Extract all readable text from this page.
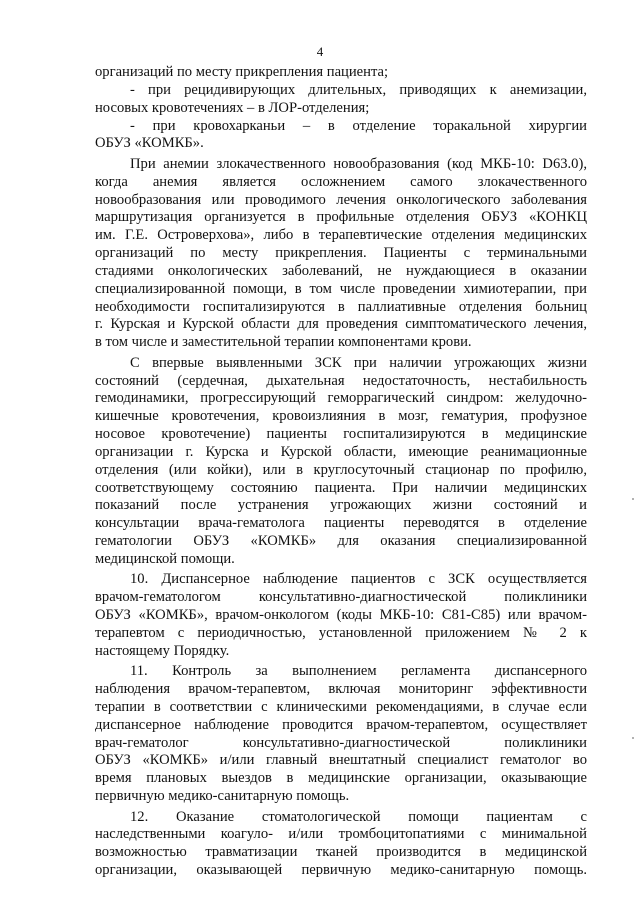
4
организаций по месту прикрепления пациента;
- при рецидивирующих длительных, приводящих к анемизации,
носовых кровотечениях – в ЛОР-отделения;
- при кровохарканьи – в отделение торакальной хирургии
ОБУЗ «КОМКБ».
При анемии злокачественного новообразования (код МКБ-10: D63.0),
когда анемия является осложнением самого злокачественного
новообразования или проводимого лечения онкологического заболевания
маршрутизация организуется в профильные отделения ОБУЗ «КОНКЦ
им. Г.Е. Островерхова», либо в терапевтические отделения медицинских
организаций по месту прикрепления. Пациенты с терминальными
стадиями онкологических заболеваний, не нуждающиеся в оказании
специализированной помощи, в том числе проведении химиотерапии, при
необходимости госпитализируются в паллиативные отделения больниц
г. Курская и Курской области для проведения симптоматического лечения,
в том числе и заместительной терапии компонентами крови.
С впервые выявленными ЗСК при наличии угрожающих жизни
состояний (сердечная, дыхательная недостаточность, нестабильность
гемодинамики, прогрессирующий геморрагический синдром: желудочно-
кишечные кровотечения, кровоизлияния в мозг, гематурия, профузное
носовое кровотечение) пациенты госпитализируются в медицинские
организации г. Курска и Курской области, имеющие реанимационные
отделения (или койки), или в круглосуточный стационар по профилю,
соответствующему состоянию пациента. При наличии медицинских
показаний после устранения угрожающих жизни состояний и
консультации врача-гематолога пациенты переводятся в отделение
гематологии ОБУЗ «КОМКБ» для оказания специализированной
медицинской помощи.
10. Диспансерное наблюдение пациентов с ЗСК осуществляется
врачом-гематологом консультативно-диагностической поликлиники
ОБУЗ «КОМКБ», врачом-онкологом (коды МКБ-10: C81-C85) или врачом-
терапевтом с периодичностью, установленной приложением № 2 к
настоящему Порядку.
11. Контроль за выполнением регламента диспансерного
наблюдения врачом-терапевтом, включая мониторинг эффективности
терапии в соответствии с клиническими рекомендациями, в случае если
диспансерное наблюдение проводится врачом-терапевтом, осуществляет
врач-гематолог консультативно-диагностической поликлиники
ОБУЗ «КОМКБ» и/или главный внештатный специалист гематолог во
время плановых выездов в медицинские организации, оказывающие
первичную медико-санитарную помощь.
12. Оказание стоматологической помощи пациентам с
наследственными коагуло- и/или тромбоцитопатиями с минимальной
возможностью травматизации тканей производится в медицинской
организации, оказывающей первичную медико-санитарную помощь.
